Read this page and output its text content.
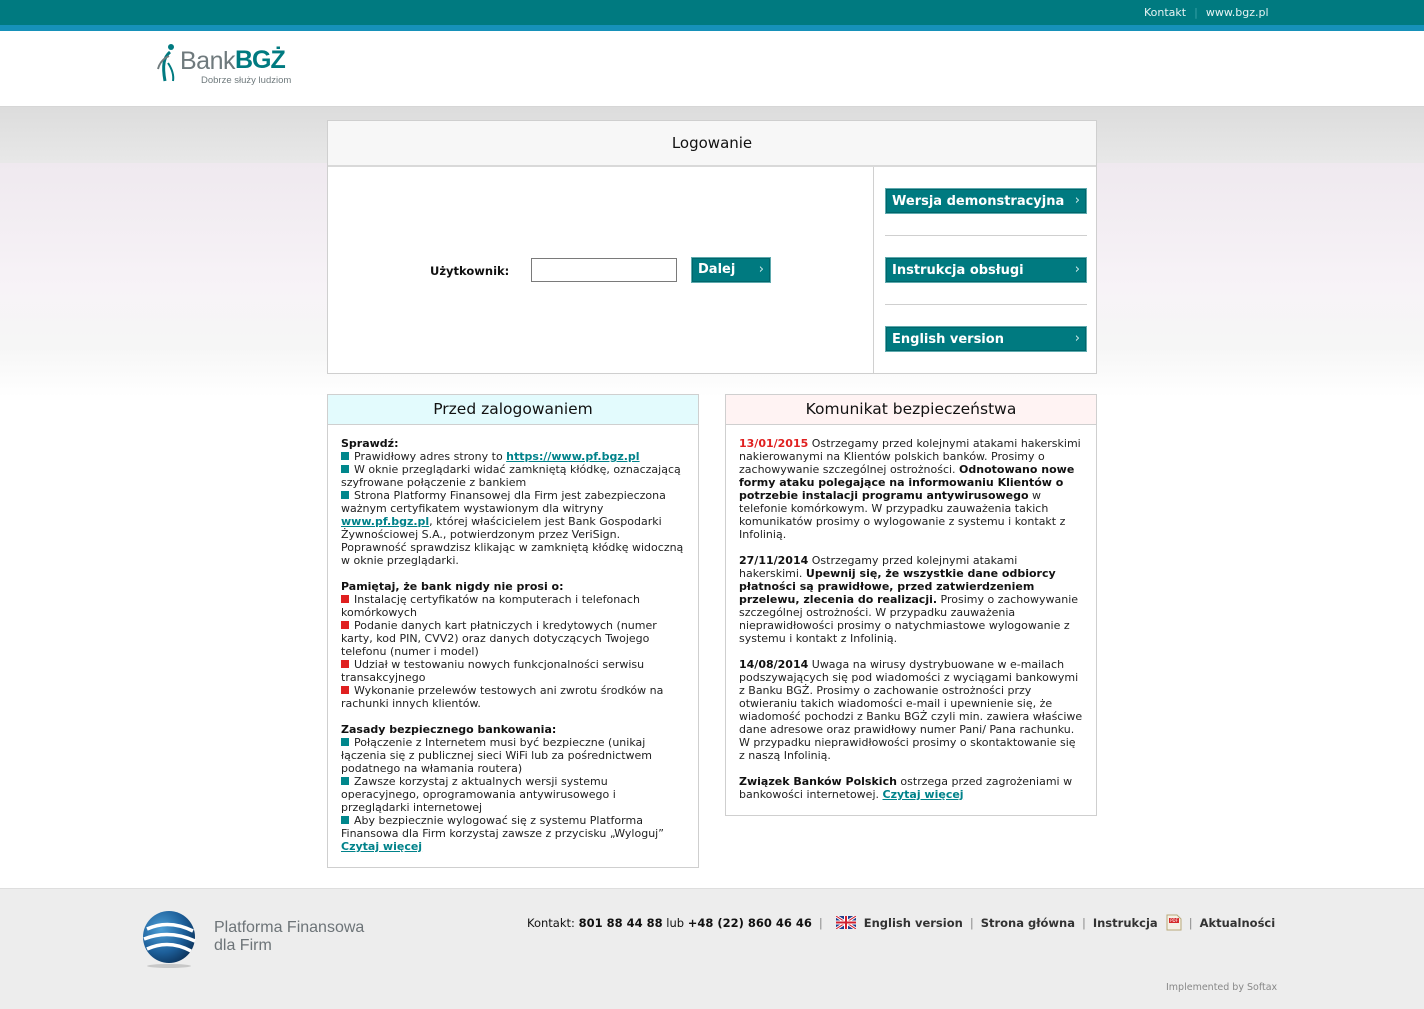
Kontakt | www.bgz.pl
Bank BGŻ
Dobrze służy ludziom
Logowanie
Użytkownik:	Dalej ›
Wersja demonstracyjna ›
Instrukcja obsługi	›
English version	›
Przed zalogowaniem

Sprawdź:
Prawidłowy adres strony to https://www.pf.bgz.pl
W oknie przeglądarki widać zamkniętą kłódkę, oznaczającą szyfrowane połączenie z bankiem
Strona Platformy Finansowej dla Firm jest zabezpieczona ważnym certyfikatem wystawionym dla witryny www.pf.bgz.pl, której właścicielem jest Bank Gospodarki Żywnościowej S.A., potwierdzonym przez VeriSign. Poprawność sprawdzisz klikając w zamkniętą kłódkę widoczną w oknie przeglądarki.

Pamiętaj, że bank nigdy nie prosi o:
Instalację certyfikatów na komputerach i telefonach komórkowych
Podanie danych kart płatniczych i kredytowych (numer karty, kod PIN, CVV2) oraz danych dotyczących Twojego telefonu (numer i model)
Udział w testowaniu nowych funkcjonalności serwisu transakcyjnego
Wykonanie przelewów testowych ani zwrotu środków na rachunki innych klientów.

Zasady bezpiecznego bankowania:
Połączenie z Internetem musi być bezpieczne (unikaj łączenia się z publicznej sieci WiFi lub za pośrednictwem podatnego na włamania routera)
Zawsze korzystaj z aktualnych wersji systemu operacyjnego, oprogramowania antywirusowego i przeglądarki internetowej
Aby bezpiecznie wylogować się z systemu Platforma Finansowa dla Firm korzystaj zawsze z przycisku „Wyloguj”
Czytaj więcej

Komunikat bezpieczeństwa

13/01/2015 Ostrzegamy przed kolejnymi atakami hakerskimi nakierowanymi na Klientów polskich banków. Prosimy o zachowywanie szczególnej ostrożności. Odnotowano nowe formy ataku polegające na informowaniu Klientów o potrzebie instalacji programu antywirusowego w telefonie komórkowym. W przypadku zauważenia takich komunikatów prosimy o wylogowanie z systemu i kontakt z Infolinią.

27/11/2014 Ostrzegamy przed kolejnymi atakami hakerskimi. Upewnij się, że wszystkie dane odbiorcy płatności są prawidłowe, przed zatwierdzeniem przelewu, zlecenia do realizacji. Prosimy o zachowywanie szczególnej ostrożności. W przypadku zauważenia nieprawidłowości prosimy o natychmiastowe wylogowanie z systemu i kontakt z Infolinią.

14/08/2014 Uwaga na wirusy dystrybuowane w e-mailach podszywających się pod wiadomości z wyciągami bankowymi z Banku BGŻ. Prosimy o zachowanie ostrożności przy otwieraniu takich wiadomości e-mail i upewnienie się, że wiadomość pochodzi z Banku BGŻ czyli min. zawiera właściwe dane adresowe oraz prawidłowy numer Pani/ Pana rachunku. W przypadku nieprawidłowości prosimy o skontaktowanie się z naszą Infolinią.

Związek Banków Polskich ostrzega przed zagrożeniami w bankowości internetowej. Czytaj więcej

Platforma Finansowa
dla Firm
Kontakt: 801 88 44 88 lub +48 (22) 860 46 46 |	English version | Strona główna | Instrukcja	PDF | Aktualności
Implemented by Softax
